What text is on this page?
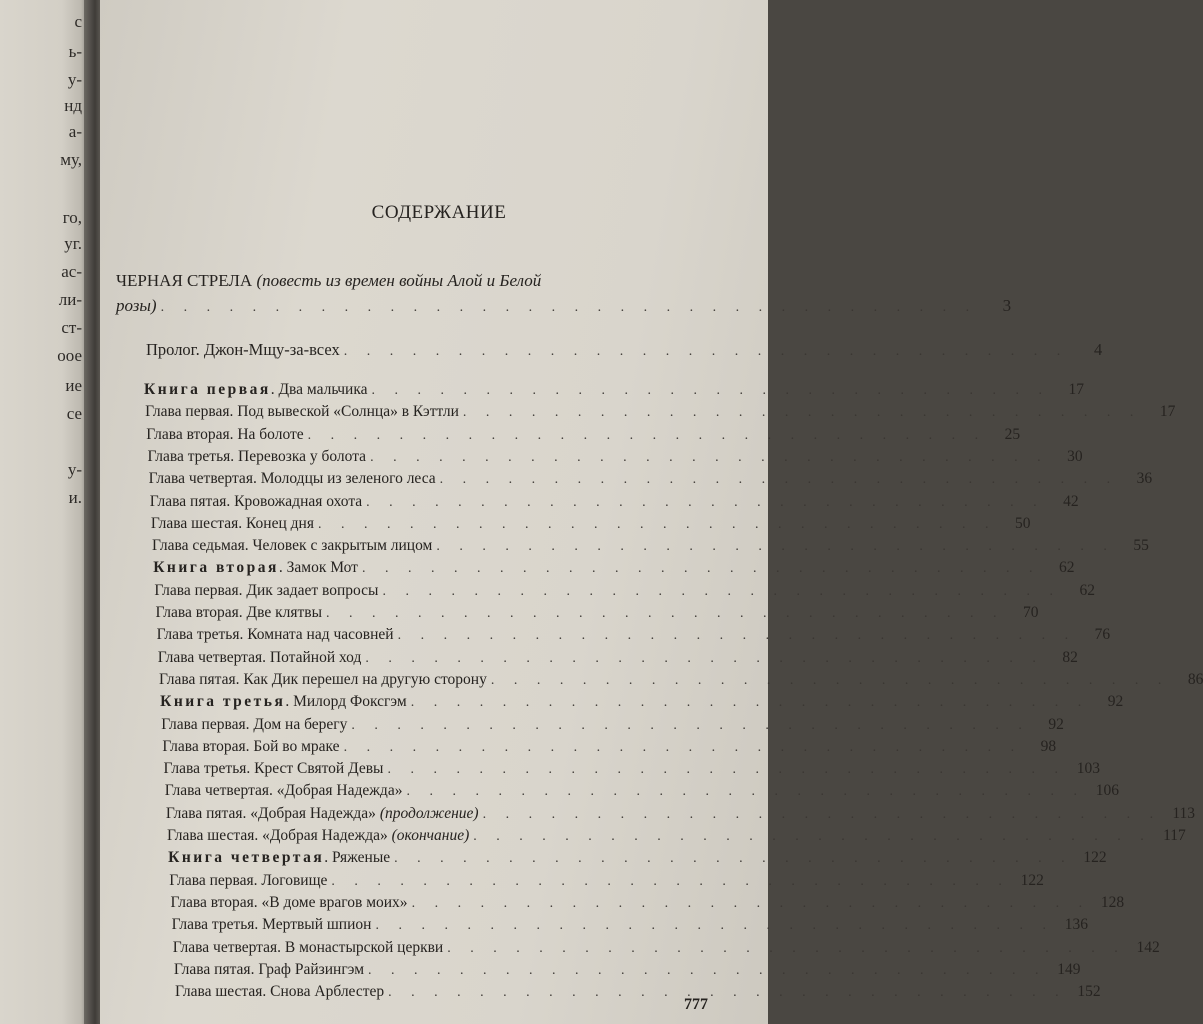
с
ь-
у-
нд
а-
му,
го,
уг.
ас-
ли-
ст-
оое
ие
се
у-
и.
СОДЕРЖАНИЕ
ЧЕРНАЯ СТРЕЛА (повесть из времен войны Алой и Белой
розы) . . . . . . . . . . . . . . . . . . . . . . . . . . . . . . . . . . . .	3
Пролог. Джон-Мщу-за-всех . . . . . . . . . . . . . . . . . . . . . . . . . . . . . . . .	4
Книга первая. Два мальчика . . . . . . . . . . . . . . . . . . . . . . . . . . . . . .	17
Глава первая. Под вывеской «Солнца» в Кэттли . . . . . . . . . . . . . . . . . . . . . . . . . . . . . .	17
Глава вторая. На болоте . . . . . . . . . . . . . . . . . . . . . . . . . . . . . .	25
Глава третья. Перевозка у болота . . . . . . . . . . . . . . . . . . . . . . . . . . . . . .	30
Глава четвертая. Молодцы из зеленого леса . . . . . . . . . . . . . . . . . . . . . . . . . . . . . .	36
Глава пятая. Кровожадная охота . . . . . . . . . . . . . . . . . . . . . . . . . . . . . .	42
Глава шестая. Конец дня . . . . . . . . . . . . . . . . . . . . . . . . . . . . . .	50
Глава седьмая. Человек с закрытым лицом . . . . . . . . . . . . . . . . . . . . . . . . . . . . . .	55
Книга вторая. Замок Мот . . . . . . . . . . . . . . . . . . . . . . . . . . . . . .	62
Глава первая. Дик задает вопросы . . . . . . . . . . . . . . . . . . . . . . . . . . . . . .	62
Глава вторая. Две клятвы . . . . . . . . . . . . . . . . . . . . . . . . . . . . . .	70
Глава третья. Комната над часовней . . . . . . . . . . . . . . . . . . . . . . . . . . . . . .	76
Глава четвертая. Потайной ход . . . . . . . . . . . . . . . . . . . . . . . . . . . . . .	82
Глава пятая. Как Дик перешел на другую сторону . . . . . . . . . . . . . . . . . . . . . . . . . . . . . .	86
Книга третья. Милорд Фоксгэм . . . . . . . . . . . . . . . . . . . . . . . . . . . . . .	92
Глава первая. Дом на берегу . . . . . . . . . . . . . . . . . . . . . . . . . . . . . .	92
Глава вторая. Бой во мраке . . . . . . . . . . . . . . . . . . . . . . . . . . . . . .	98
Глава третья. Крест Святой Девы . . . . . . . . . . . . . . . . . . . . . . . . . . . . . . 103
Глава четвертая. «Добрая Надежда» . . . . . . . . . . . . . . . . . . . . . . . . . . . . . . 106
Глава пятая. «Добрая Надежда» (продолжение) . . . . . . . . . . . . . . . . . . . . . . . . . . . . . . 113
Глава шестая. «Добрая Надежда» (окончание) . . . . . . . . . . . . . . . . . . . . . . . . . . . . . . 117
Книга четвертая. Ряженые . . . . . . . . . . . . . . . . . . . . . . . . . . . . . . 122
Глава первая. Логовище . . . . . . . . . . . . . . . . . . . . . . . . . . . . . . 122
Глава вторая. «В доме врагов моих» . . . . . . . . . . . . . . . . . . . . . . . . . . . . . . 128
Глава третья. Мертвый шпион . . . . . . . . . . . . . . . . . . . . . . . . . . . . . . 136
Глава четвертая. В монастырской церкви . . . . . . . . . . . . . . . . . . . . . . . . . . . . . . 142
Глава пятая. Граф Райзингэм . . . . . . . . . . . . . . . . . . . . . . . . . . . . . . 149
Глава шестая. Снова Арблестер . . . . . . . . . . . . . . . . . . . . . . . . . . . . . . 152
777
